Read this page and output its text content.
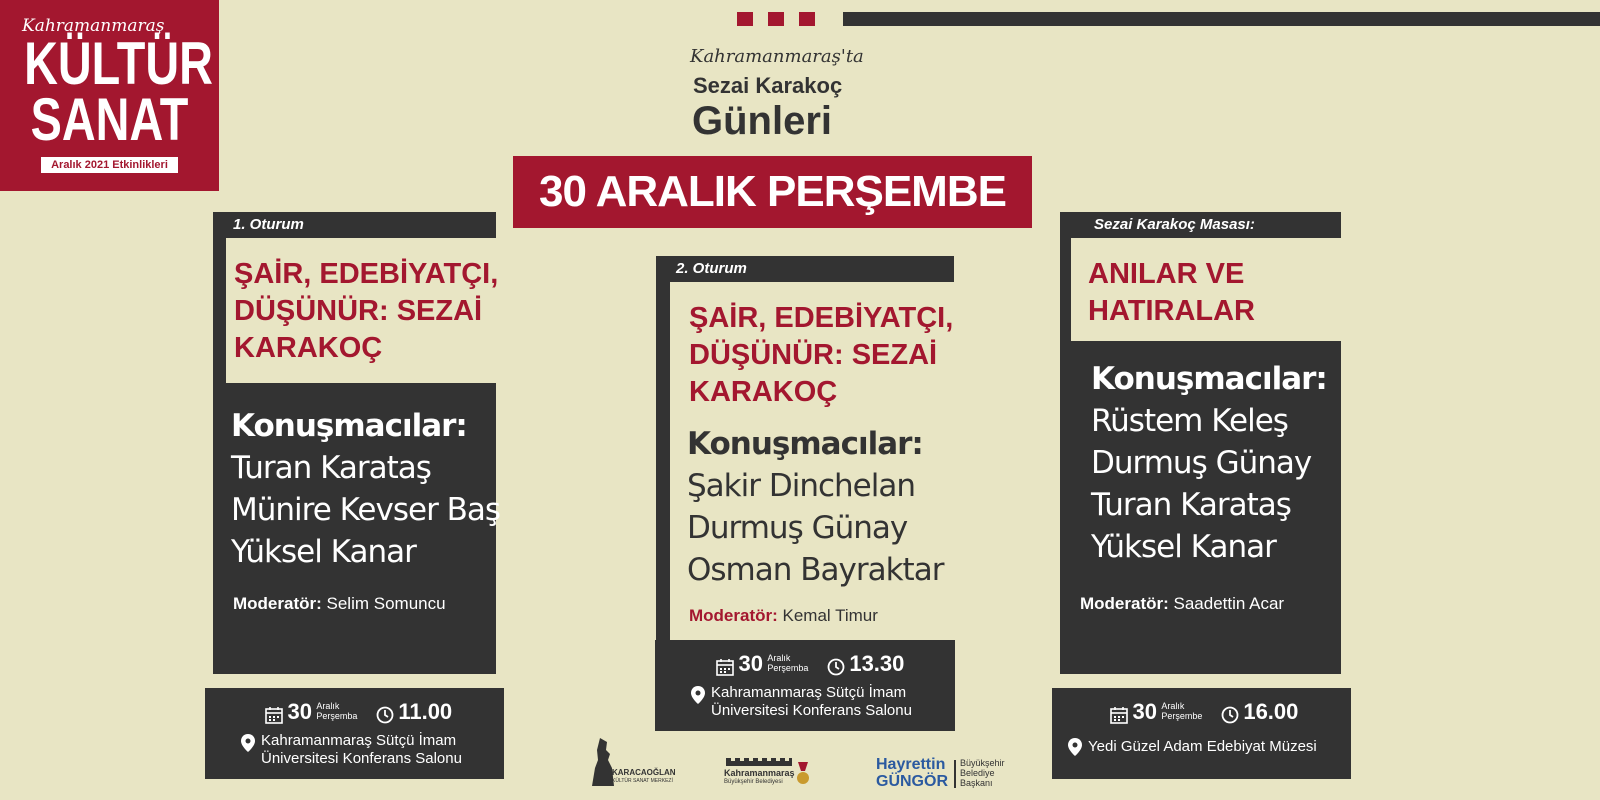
Kahramanmaraş
KÜLTÜR
SANAT
Aralık 2021 Etkinlikleri
Kahramanmaraş'ta
Sezai Karakoç
Günleri
30 ARALIK PERŞEMBE
1. Oturum
ŞAİR, EDEBİYATÇI,
DÜŞÜNÜR: SEZAİ
KARAKOÇ
Konuşmacılar:
Turan Karataş
Münire Kevser Baş
Yüksel Kanar
Moderatör: Selim Somuncu
30 Aralık
Perşemba 11.00
Kahramanmaraş Sütçü İmam
Üniversitesi Konferans Salonu
2. Oturum
ŞAİR, EDEBİYATÇI,
DÜŞÜNÜR: SEZAİ
KARAKOÇ
Konuşmacılar:
Şakir Dinchelan
Durmuş Günay
Osman Bayraktar
Moderatör: Kemal Timur
30 Aralık
Perşemba 13.30
Kahramanmaraş Sütçü İmam
Üniversitesi Konferans Salonu
Sezai Karakoç Masası:
ANILAR VE
HATIRALAR
Konuşmacılar:
Rüstem Keleş
Durmuş Günay
Turan Karataş
Yüksel Kanar
Moderatör: Saadettin Acar
30 Aralık
Perşembe 16.00
Yedi Güzel Adam Edebiyat Müzesi
KARACAOĞLAN
KÜLTÜR SANAT MERKEZİ
Kahramanmaraş
Büyükşehir Belediyesi
Hayrettin
GÜNGÖR
Büyükşehir
Belediye
Başkanı
